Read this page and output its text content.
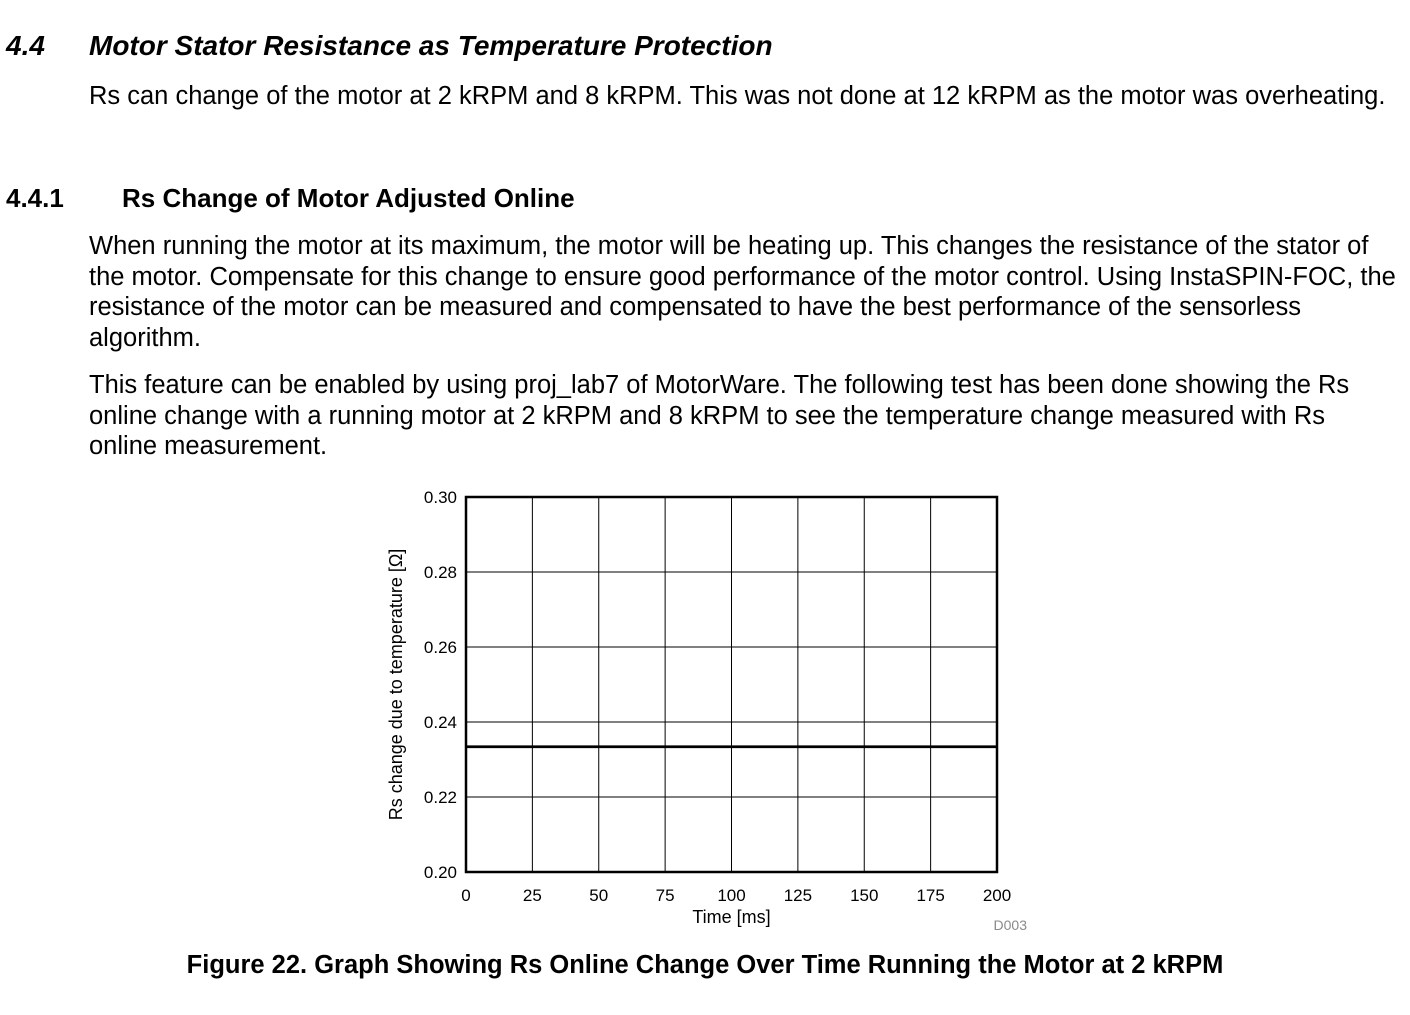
4.4 Motor Stator Resistance as Temperature Protection
Rs can change of the motor at 2 kRPM and 8 kRPM. This was not done at 12 kRPM as the motor was overheating.
4.4.1 Rs Change of Motor Adjusted Online
When running the motor at its maximum, the motor will be heating up. This changes the resistance of the stator of the motor. Compensate for this change to ensure good performance of the motor control. Using InstaSPIN-FOC, the resistance of the motor can be measured and compensated to have the best performance of the sensorless algorithm.
This feature can be enabled by using proj_lab7 of MotorWare. The following test has been done showing the Rs online change with a running motor at 2 kRPM and 8 kRPM to see the temperature change measured with Rs online measurement.
0	25	50	75	100 125 150 175 200
0.20
0.22
0.24
0.26
0.28
0.30
Time [ms]
Rs change due to temperature [Ω]
D003
Figure 22. Graph Showing Rs Online Change Over Time Running the Motor at 2 kRPM
